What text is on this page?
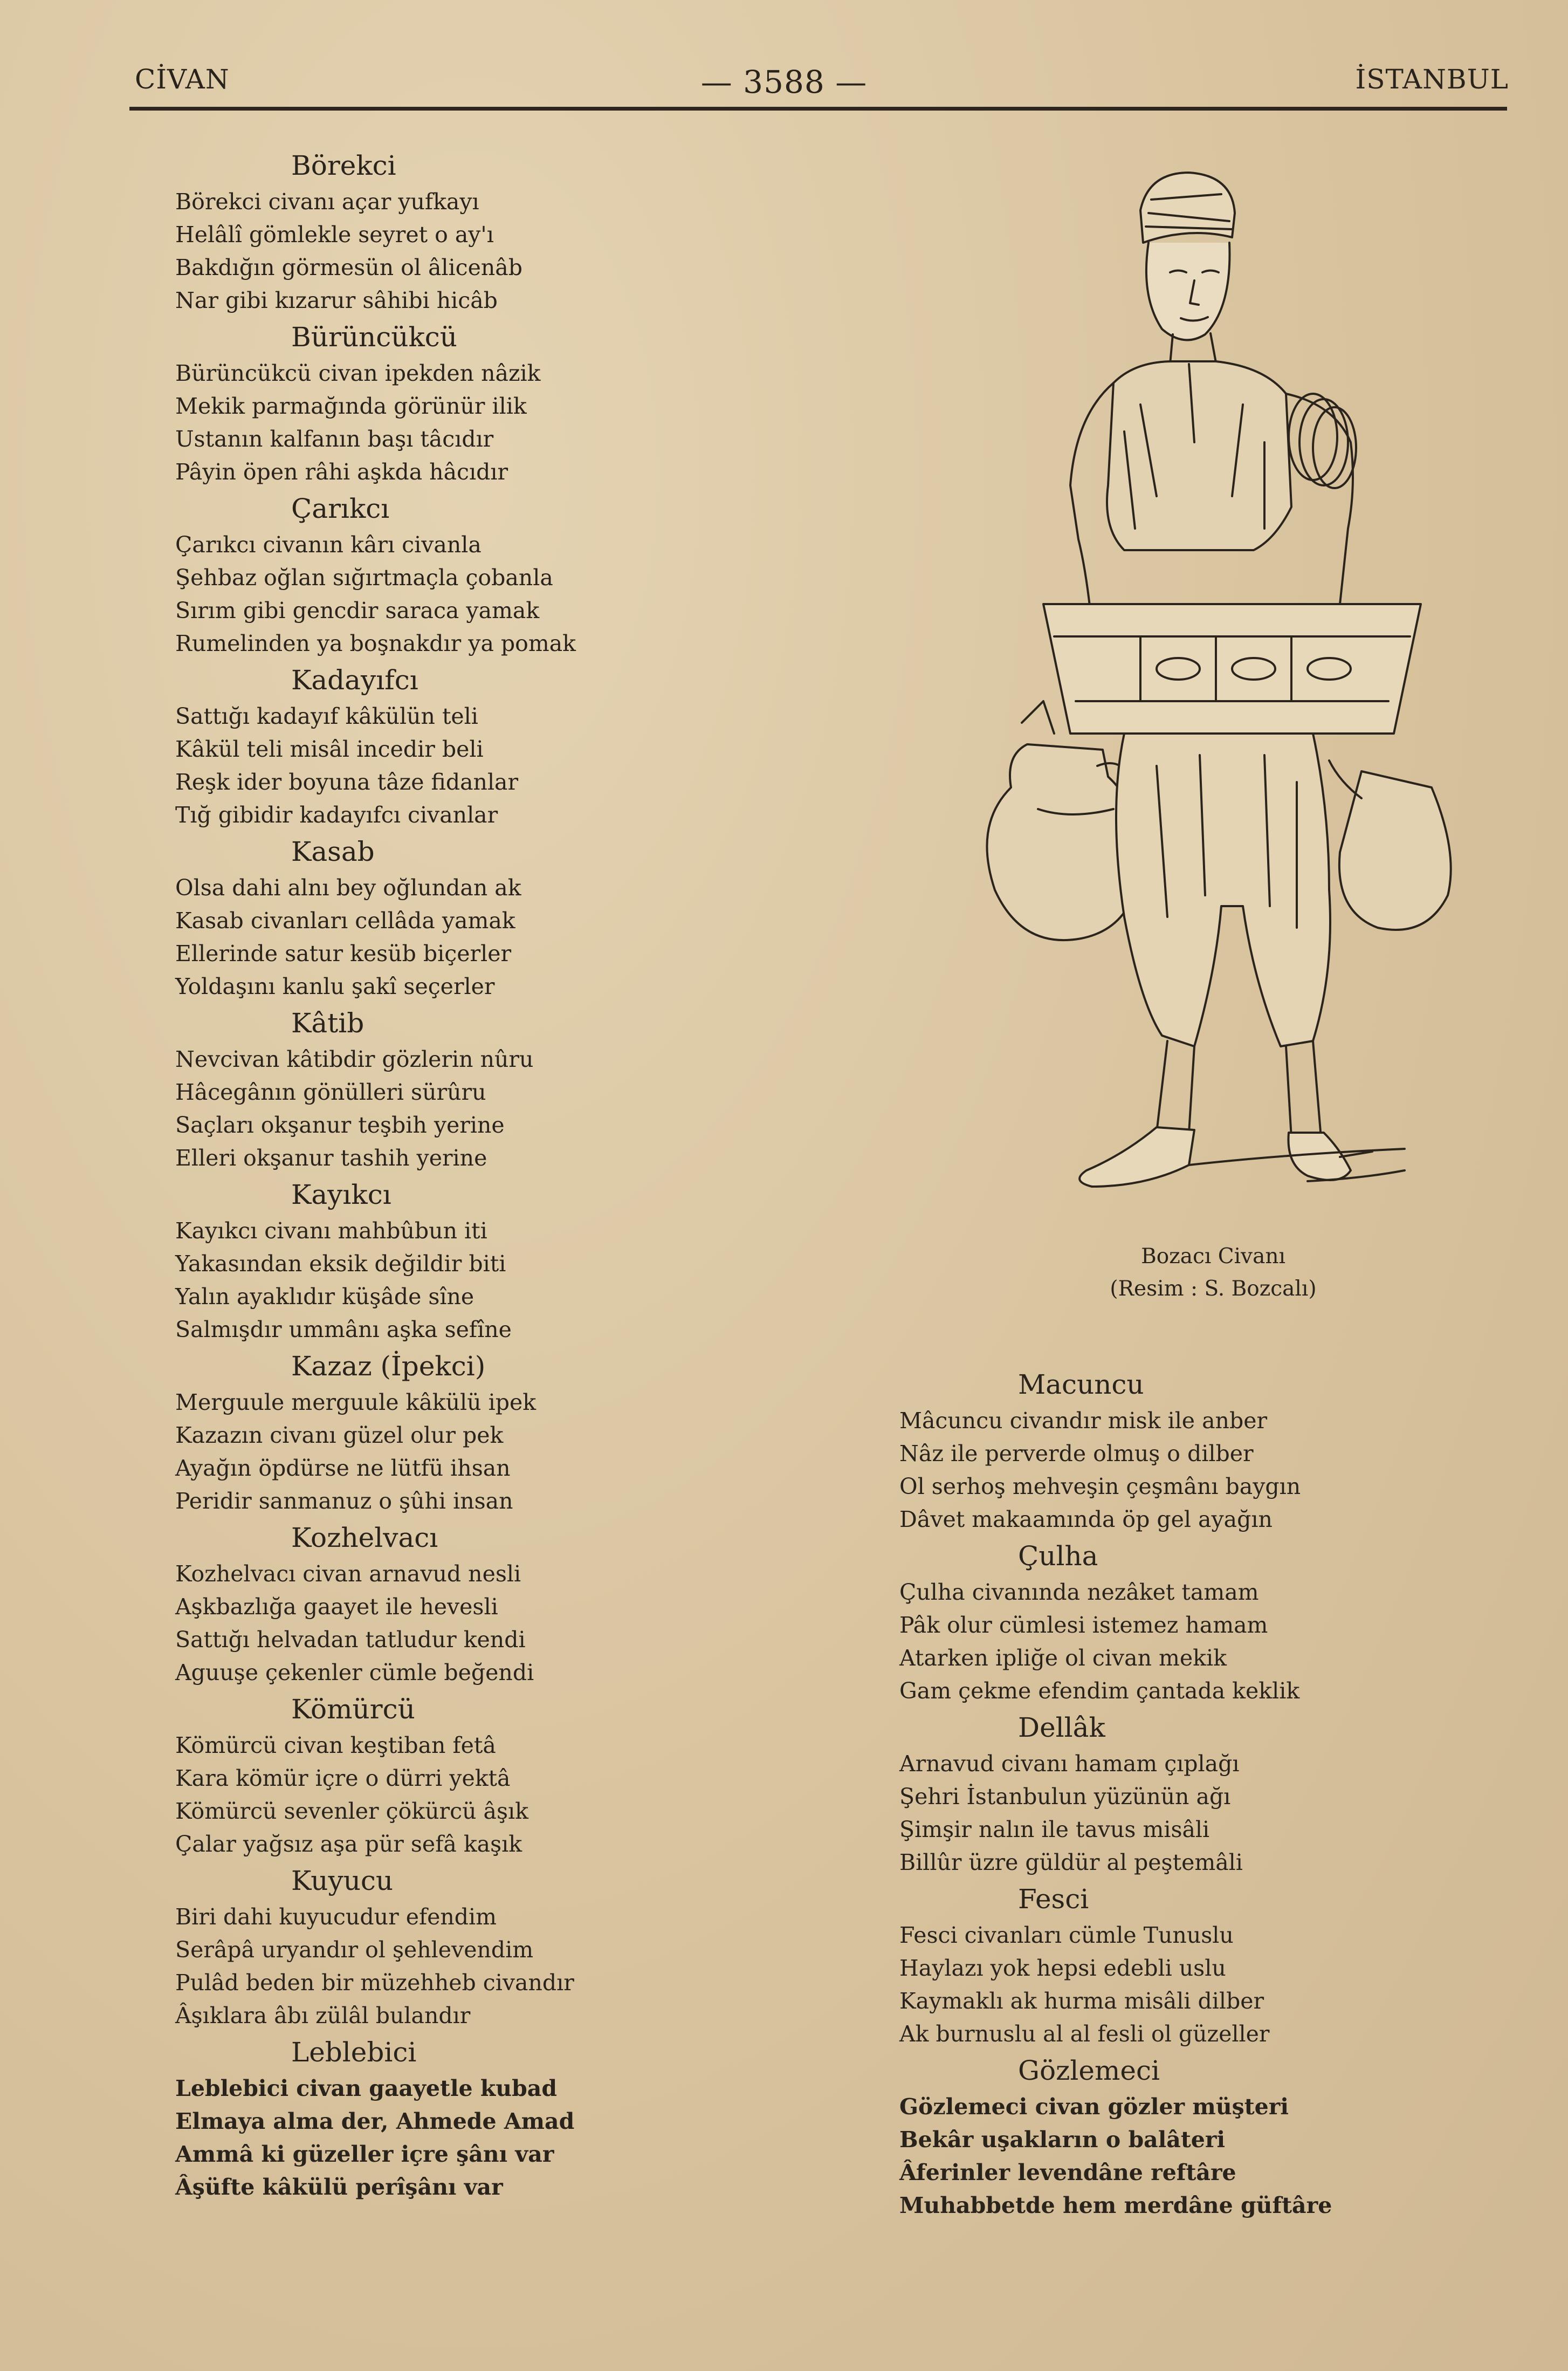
CİVAN	— 3588 —	İSTANBUL
Börekci
Börekci civanı açar yufkayı
Helâlî gömlekle seyret o ay'ı
Bakdığın görmesün ol âlicenâb
Nar gibi kızarur sâhibi hicâb
Bürüncükcü
Bürüncükcü civan ipekden nâzik
Mekik parmağında görünür ilik
Ustanın kalfanın başı tâcıdır
Pâyin öpen râhi aşkda hâcıdır
Çarıkcı
Çarıkcı civanın kârı civanla
Şehbaz oğlan sığırtmaçla çobanla
Sırım gibi gencdir saraca yamak
Rumelinden ya boşnakdır ya pomak
Kadayıfcı
Sattığı kadayıf kâkülün teli
Kâkül teli misâl incedir beli
Reşk ider boyuna tâze fidanlar
Tığ gibidir kadayıfcı civanlar
Kasab
Olsa dahi alnı bey oğlundan ak
Kasab civanları cellâda yamak
Ellerinde satur kesüb biçerler
Yoldaşını kanlu şakî seçerler
Kâtib
Nevcivan kâtibdir gözlerin nûru
Hâcegânın gönülleri sürûru
Saçları okşanur teşbih yerine
Elleri okşanur tashih yerine
Kayıkcı
Kayıkcı civanı mahbûbun iti
Yakasından eksik değildir biti
Yalın ayaklıdır küşâde sîne
Salmışdır ummânı aşka sefîne
Kazaz (İpekci)
Merguule merguule kâkülü ipek
Kazazın civanı güzel olur pek
Ayağın öpdürse ne lütfü ihsan
Peridir sanmanuz o şûhi insan
Kozhelvacı
Kozhelvacı civan arnavud nesli
Aşkbazlığa gaayet ile hevesli
Sattığı helvadan tatludur kendi
Aguuşe çekenler cümle beğendi
Kömürcü
Kömürcü civan keştiban fetâ
Kara kömür içre o dürri yektâ
Kömürcü sevenler çökürcü âşık
Çalar yağsız aşa pür sefâ kaşık
Kuyucu
Biri dahi kuyucudur efendim
Serâpâ uryandır ol şehlevendim
Pulâd beden bir müzehheb civandır
Âşıklara âbı zülâl bulandır
Leblebici
Leblebici civan gaayetle kubad
Elmaya alma der, Ahmede Amad
Ammâ ki güzeller içre şânı var
Âşüfte kâkülü perîşânı var
Bozacı Civanı
(Resim : S. Bozcalı)
Macuncu
Mâcuncu civandır misk ile anber
Nâz ile perverde olmuş o dilber
Ol serhoş mehveşin çeşmânı baygın
Dâvet makaamında öp gel ayağın
Çulha
Çulha civanında nezâket tamam
Pâk olur cümlesi istemez hamam
Atarken ipliğe ol civan mekik
Gam çekme efendim çantada keklik
Dellâk
Arnavud civanı hamam çıplağı
Şehri İstanbulun yüzünün ağı
Şimşir nalın ile tavus misâli
Billûr üzre güldür al peştemâli
Fesci
Fesci civanları cümle Tunuslu
Haylazı yok hepsi edebli uslu
Kaymaklı ak hurma misâli dilber
Ak burnuslu al al fesli ol güzeller
Gözlemeci
Gözlemeci civan gözler müşteri
Bekâr uşakların o balâteri
Âferinler levendâne reftâre
Muhabbetde hem merdâne güftâre
